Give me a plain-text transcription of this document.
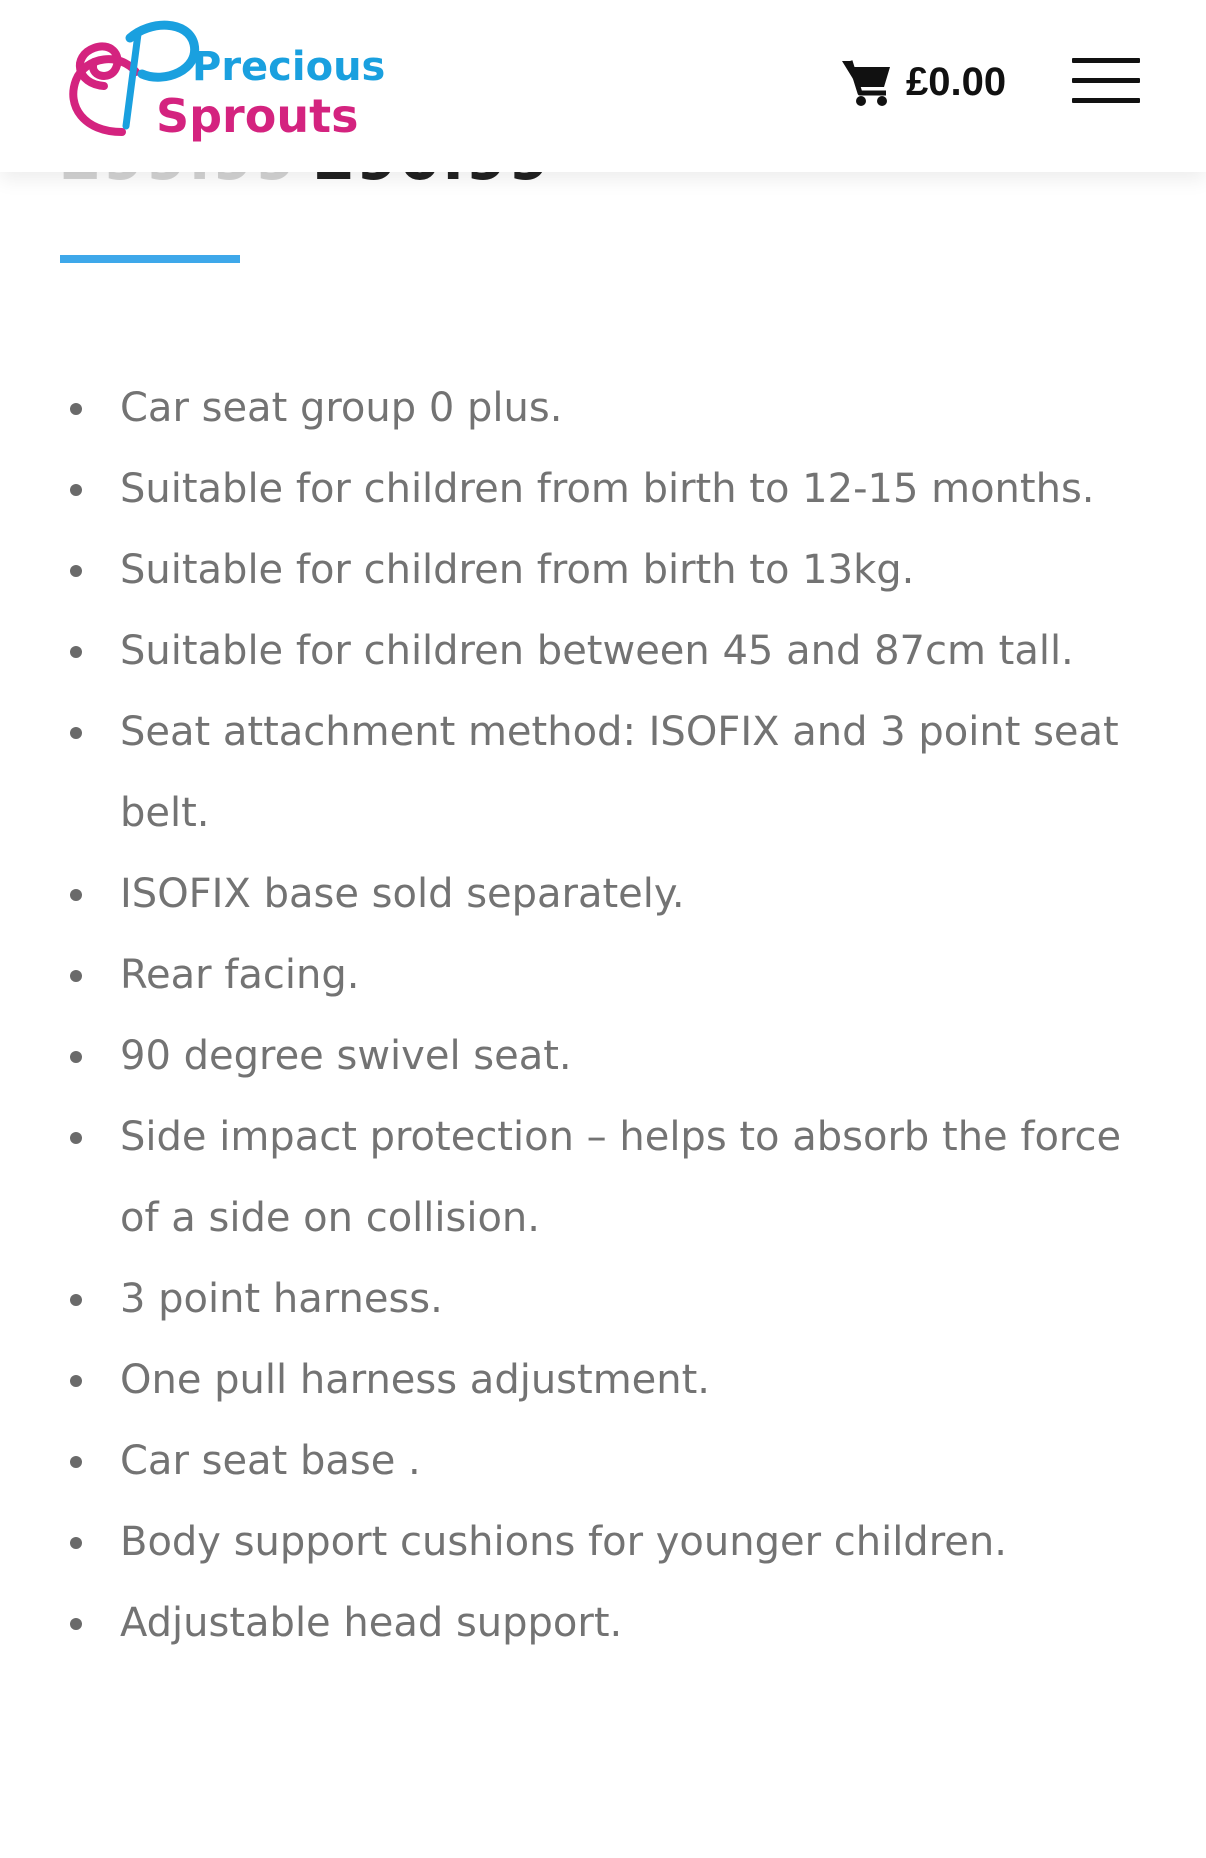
Precious
Sprouts
£0.00
Car seat group 0 plus.
Suitable for children from birth to 12-15 months.
Suitable for children from birth to 13kg.
Suitable for children between 45 and 87cm tall.
Seat attachment method: ISOFIX and 3 point seat belt.
ISOFIX base sold separately.
Rear facing.
90 degree swivel seat.
Side impact protection – helps to absorb the force of a side on collision.
3 point harness.
One pull harness adjustment.
Car seat base .
Body support cushions for younger children.
Adjustable head support.
